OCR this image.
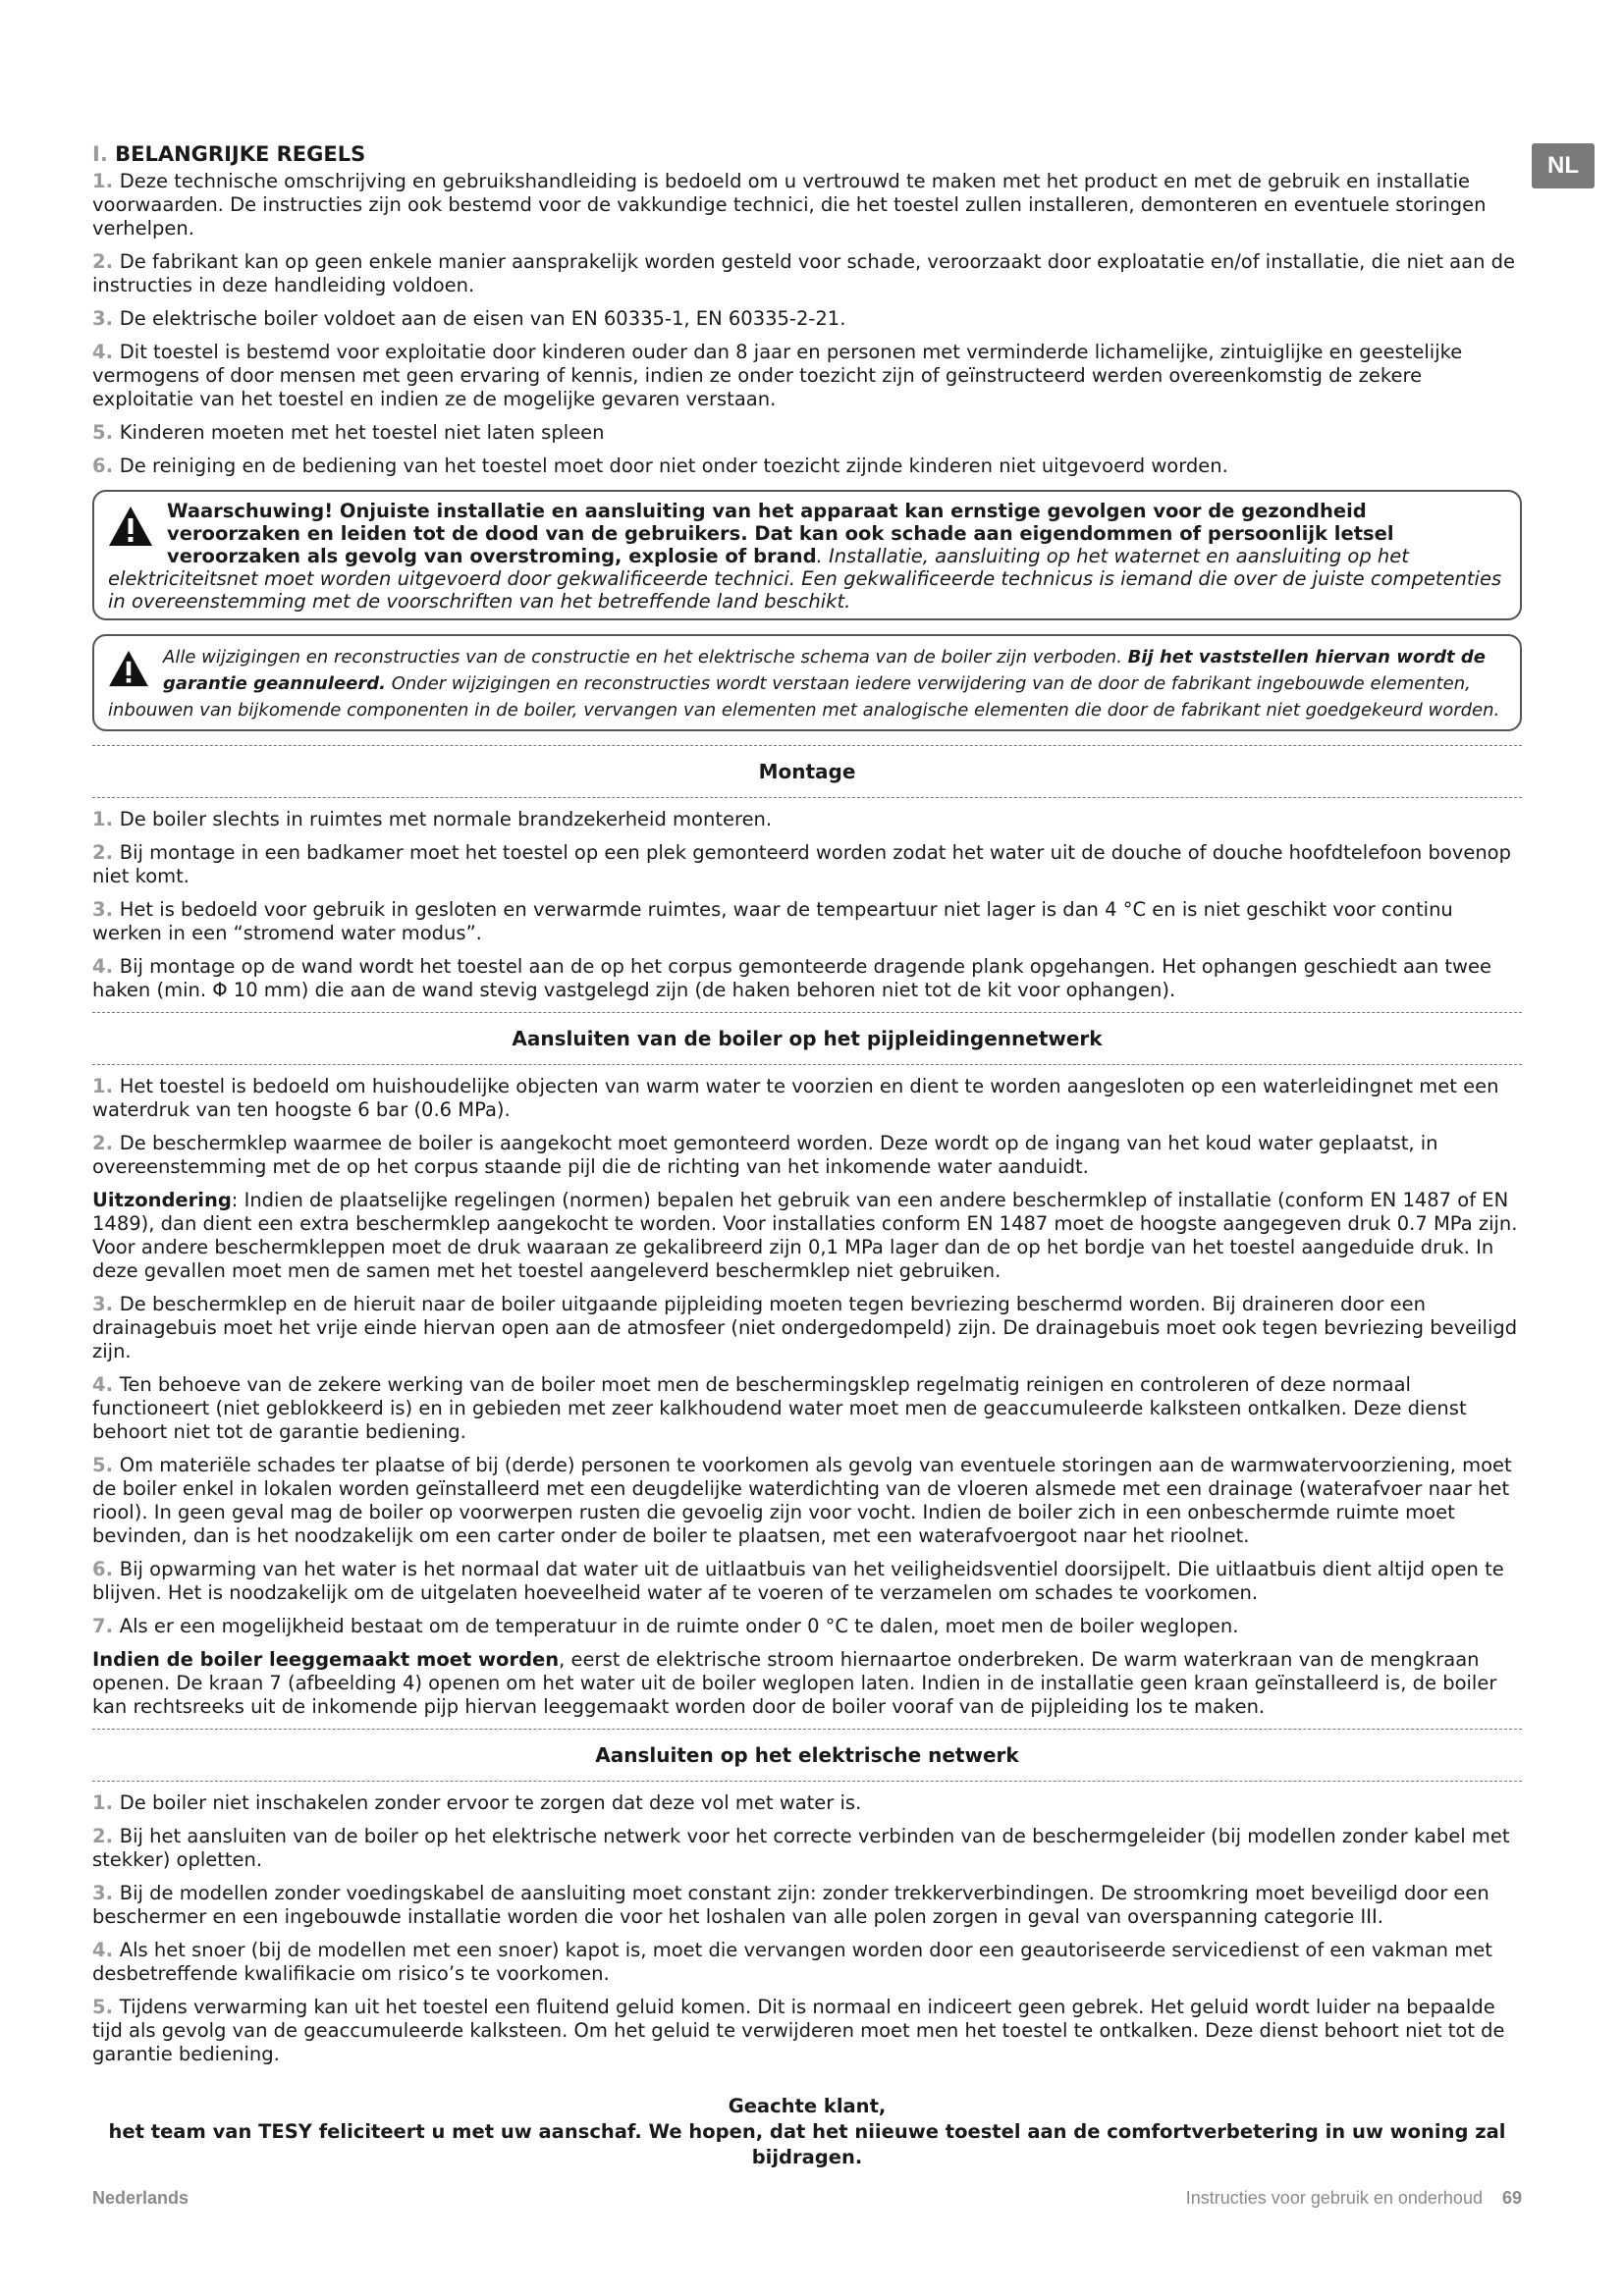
NL
I. BELANGRIJKE REGELS

1. Deze technische omschrijving en gebruikshandleiding is bedoeld om u vertrouwd te maken met het product en met de gebruik en installatie voorwaarden. De instructies zijn ook bestemd voor de vakkundige technici, die het toestel zullen installeren, demonteren en eventuele storingen verhelpen.

2. De fabrikant kan op geen enkele manier aansprakelijk worden gesteld voor schade, veroorzaakt door exploatatie en/of installatie, die niet aan de instructies in deze handleiding voldoen.

3. De elektrische boiler voldoet aan de eisen van EN 60335-1, EN 60335-2-21.

4. Dit toestel is bestemd voor exploitatie door kinderen ouder dan 8 jaar en personen met verminderde lichamelijke, zintuiglijke en geestelijke vermogens of door mensen met geen ervaring of kennis, indien ze onder toezicht zijn of geïnstructeerd werden overeenkomstig de zekere exploitatie van het toestel en indien ze de mogelijke gevaren verstaan.

5. Kinderen moeten met het toestel niet laten spleen

6. De reiniging en de bediening van het toestel moet door niet onder toezicht zijnde kinderen niet uitgevoerd worden.

Waarschuwing! Onjuiste installatie en aansluiting van het apparaat kan ernstige gevolgen voor de gezondheid veroorzaken en leiden tot de dood van de gebruikers. Dat kan ook schade aan eigendommen of persoonlijk letsel veroorzaken als gevolg van overstroming, explosie of brand. Installatie, aansluiting op het waternet en aansluiting op het elektriciteitsnet moet worden uitgevoerd door gekwalificeerde technici. Een gekwalificeerde technicus is iemand die over de juiste competenties in overeenstemming met de voorschriften van het betreffende land beschikt.
Alle wijzigingen en reconstructies van de constructie en het elektrische schema van de boiler zijn verboden. Bij het vaststellen hiervan wordt de garantie geannuleerd. Onder wijzigingen en reconstructies wordt verstaan iedere verwijdering van de door de fabrikant ingebouwde elementen, inbouwen van bijkomende componenten in de boiler, vervangen van elementen met analogische elementen die door de fabrikant niet goedgekeurd worden.
Montage

1. De boiler slechts in ruimtes met normale brandzekerheid monteren.

2. Bij montage in een badkamer moet het toestel op een plek gemonteerd worden zodat het water uit de douche of douche hoofdtelefoon bovenop niet komt.

3. Het is bedoeld voor gebruik in gesloten en verwarmde ruimtes, waar de tempeartuur niet lager is dan 4 °C en is niet geschikt voor continu werken in een “stromend water modus”.

4. Bij montage op de wand wordt het toestel aan de op het corpus gemonteerde dragende plank opgehangen. Het ophangen geschiedt aan twee haken (min. Φ 10 mm) die aan de wand stevig vastgelegd zijn (de haken behoren niet tot de kit voor ophangen).

Aansluiten van de boiler op het pijpleidingennetwerk

1. Het toestel is bedoeld om huishoudelijke objecten van warm water te voorzien en dient te worden aangesloten op een waterleidingnet met een waterdruk van ten hoogste 6 bar (0.6 MPa).

2. De beschermklep waarmee de boiler is aangekocht moet gemonteerd worden. Deze wordt op de ingang van het koud water geplaatst, in overeenstemming met de op het corpus staande pijl die de richting van het inkomende water aanduidt.

Uitzondering: Indien de plaatselijke regelingen (normen) bepalen het gebruik van een andere beschermklep of installatie (conform EN 1487 of EN 1489), dan dient een extra beschermklep aangekocht te worden. Voor installaties conform EN 1487 moet de hoogste aangegeven druk 0.7 MPa zijn. Voor andere beschermkleppen moet de druk waaraan ze gekalibreerd zijn 0,1 MPa lager dan de op het bordje van het toestel aangeduide druk. In deze gevallen moet men de samen met het toestel aangeleverd beschermklep niet gebruiken.

3. De beschermklep en de hieruit naar de boiler uitgaande pijpleiding moeten tegen bevriezing beschermd worden. Bij draineren door een drainagebuis moet het vrije einde hiervan open aan de atmosfeer (niet ondergedompeld) zijn. De drainagebuis moet ook tegen bevriezing beveiligd zijn.

4. Ten behoeve van de zekere werking van de boiler moet men de beschermingsklep regelmatig reinigen en controleren of deze normaal functioneert (niet geblokkeerd is) en in gebieden met zeer kalkhoudend water moet men de geaccumuleerde kalksteen ontkalken. Deze dienst behoort niet tot de garantie bediening.

5. Om materiële schades ter plaatse of bij (derde) personen te voorkomen als gevolg van eventuele storingen aan de warmwatervoorziening, moet de boiler enkel in lokalen worden geïnstalleerd met een deugdelijke waterdichting van de vloeren alsmede met een drainage (waterafvoer naar het riool). In geen geval mag de boiler op voorwerpen rusten die gevoelig zijn voor vocht. Indien de boiler zich in een onbeschermde ruimte moet bevinden, dan is het noodzakelijk om een carter onder de boiler te plaatsen, met een waterafvoergoot naar het rioolnet.

6. Bij opwarming van het water is het normaal dat water uit de uitlaatbuis van het veiligheidsventiel doorsijpelt. Die uitlaatbuis dient altijd open te blijven. Het is noodzakelijk om de uitgelaten hoeveelheid water af te voeren of te verzamelen om schades te voorkomen.

7. Als er een mogelijkheid bestaat om de temperatuur in de ruimte onder 0 °C te dalen, moet men de boiler weglopen.

Indien de boiler leeggemaakt moet worden, eerst de elektrische stroom hiernaartoe onderbreken. De warm waterkraan van de mengkraan openen. De kraan 7 (afbeelding 4) openen om het water uit de boiler weglopen laten. Indien in de installatie geen kraan geïnstalleerd is, de boiler kan rechtsreeks uit de inkomende pijp hiervan leeggemaakt worden door de boiler vooraf van de pijpleiding los te maken.

Aansluiten op het elektrische netwerk

1. De boiler niet inschakelen zonder ervoor te zorgen dat deze vol met water is.

2. Bij het aansluiten van de boiler op het elektrische netwerk voor het correcte verbinden van de beschermgeleider (bij modellen zonder kabel met stekker) opletten.

3. Bij de modellen zonder voedingskabel de aansluiting moet constant zijn: zonder trekkerverbindingen. De stroomkring moet beveiligd door een beschermer en een ingebouwde installatie worden die voor het loshalen van alle polen zorgen in geval van overspanning categorie III.

4. Als het snoer (bij de modellen met een snoer) kapot is, moet die vervangen worden door een geautoriseerde servicedienst of een vakman met desbetreffende kwalifikacie om risico’s te voorkomen.

5. Tijdens verwarming kan uit het toestel een fluitend geluid komen. Dit is normaal en indiceert geen gebrek. Het geluid wordt luider na bepaalde tijd als gevolg van de geaccumuleerde kalksteen. Om het geluid te verwijderen moet men het toestel te ontkalken. Deze dienst behoort niet tot de garantie bediening.

Geachte klant,
het team van TESY feliciteert u met uw aanschaf. We hopen, dat het niieuwe toestel aan de comfortverbetering in uw woning zal bijdragen.
Nederlands	Instructies voor gebruik en onderhoud 69
